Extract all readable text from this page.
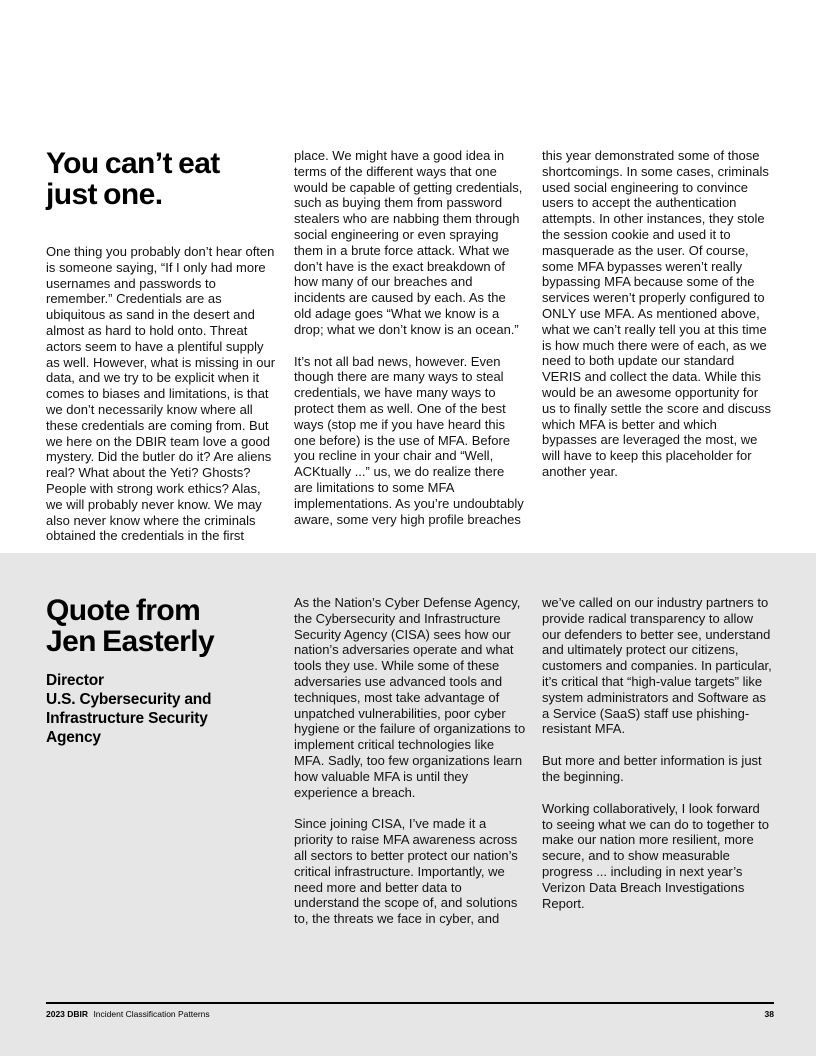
You can’t eat
just one.

One thing you probably don’t hear often is someone saying, “If I only had more usernames and passwords to remember.” Credentials are as ubiquitous as sand in the desert and almost as hard to hold onto. Threat actors seem to have a plentiful supply as well. However, what is missing in our data, and we try to be explicit when it comes to biases and limitations, is that we don’t necessarily know where all these credentials are coming from. But we here on the DBIR team love a good mystery. Did the butler do it? Are aliens real? What about the Yeti? Ghosts? People with strong work ethics? Alas, we will probably never know. We may also never know where the criminals obtained the credentials in the first

place. We might have a good idea in terms of the different ways that one would be capable of getting credentials, such as buying them from password stealers who are nabbing them through social engineering or even spraying them in a brute force attack. What we don’t have is the exact breakdown of how many of our breaches and incidents are caused by each. As the old adage goes “What we know is a drop; what we don’t know is an ocean.”

It’s not all bad news, however. Even though there are many ways to steal credentials, we have many ways to protect them as well. One of the best ways (stop me if you have heard this one before) is the use of MFA. Before you recline in your chair and “Well, ACKtually ...” us, we do realize there are limitations to some MFA implementations. As you’re undoubtably aware, some very high profile breaches

this year demonstrated some of those shortcomings. In some cases, criminals used social engineering to convince users to accept the authentication attempts. In other instances, they stole the session cookie and used it to masquerade as the user. Of course, some MFA bypasses weren’t really bypassing MFA because some of the services weren’t properly configured to ONLY use MFA. As mentioned above, what we can’t really tell you at this time is how much there were of each, as we need to both update our standard VERIS and collect the data. While this would be an awesome opportunity for us to finally settle the score and discuss which MFA is better and which bypasses are leveraged the most, we will have to keep this placeholder for another year.

Quote from
Jen Easterly
Director
U.S. Cybersecurity and Infrastructure Security Agency

As the Nation’s Cyber Defense Agency, the Cybersecurity and Infrastructure Security Agency (CISA) sees how our nation’s adversaries operate and what tools they use. While some of these adversaries use advanced tools and techniques, most take advantage of unpatched vulnerabilities, poor cyber hygiene or the failure of organizations to implement critical technologies like MFA. Sadly, too few organizations learn how valuable MFA is until they experience a breach.

Since joining CISA, I’ve made it a priority to raise MFA awareness across all sectors to better protect our nation’s critical infrastructure. Importantly, we need more and better data to understand the scope of, and solutions to, the threats we face in cyber, and

we’ve called on our industry partners to provide radical transparency to allow our defenders to better see, understand and ultimately protect our citizens, customers and companies. In particular, it’s critical that “high-value targets” like system administrators and Software as a Service (SaaS) staff use phishing-resistant MFA.

But more and better information is just the beginning.

Working collaboratively, I look forward to seeing what we can do to together to make our nation more resilient, more secure, and to show measurable progress ... including in next year’s Verizon Data Breach Investigations Report.

2023 DBIR Incident Classification Patterns	38
